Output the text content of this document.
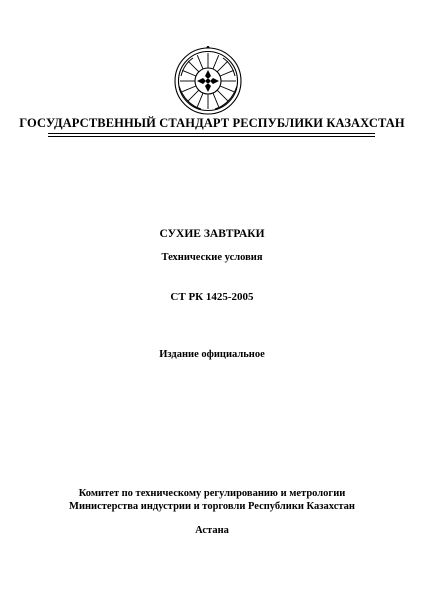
ГОСУДАРСТВЕННЫЙ СТАНДАРТ РЕСПУБЛИКИ КАЗАХСТАН
СУХИЕ ЗАВТРАКИ
Технические условия
СТ РК 1425-2005
Издание официальное
Комитет по техническому регулированию и метрологии
Министерства индустрии и торговли Республики Казахстан
Астана
